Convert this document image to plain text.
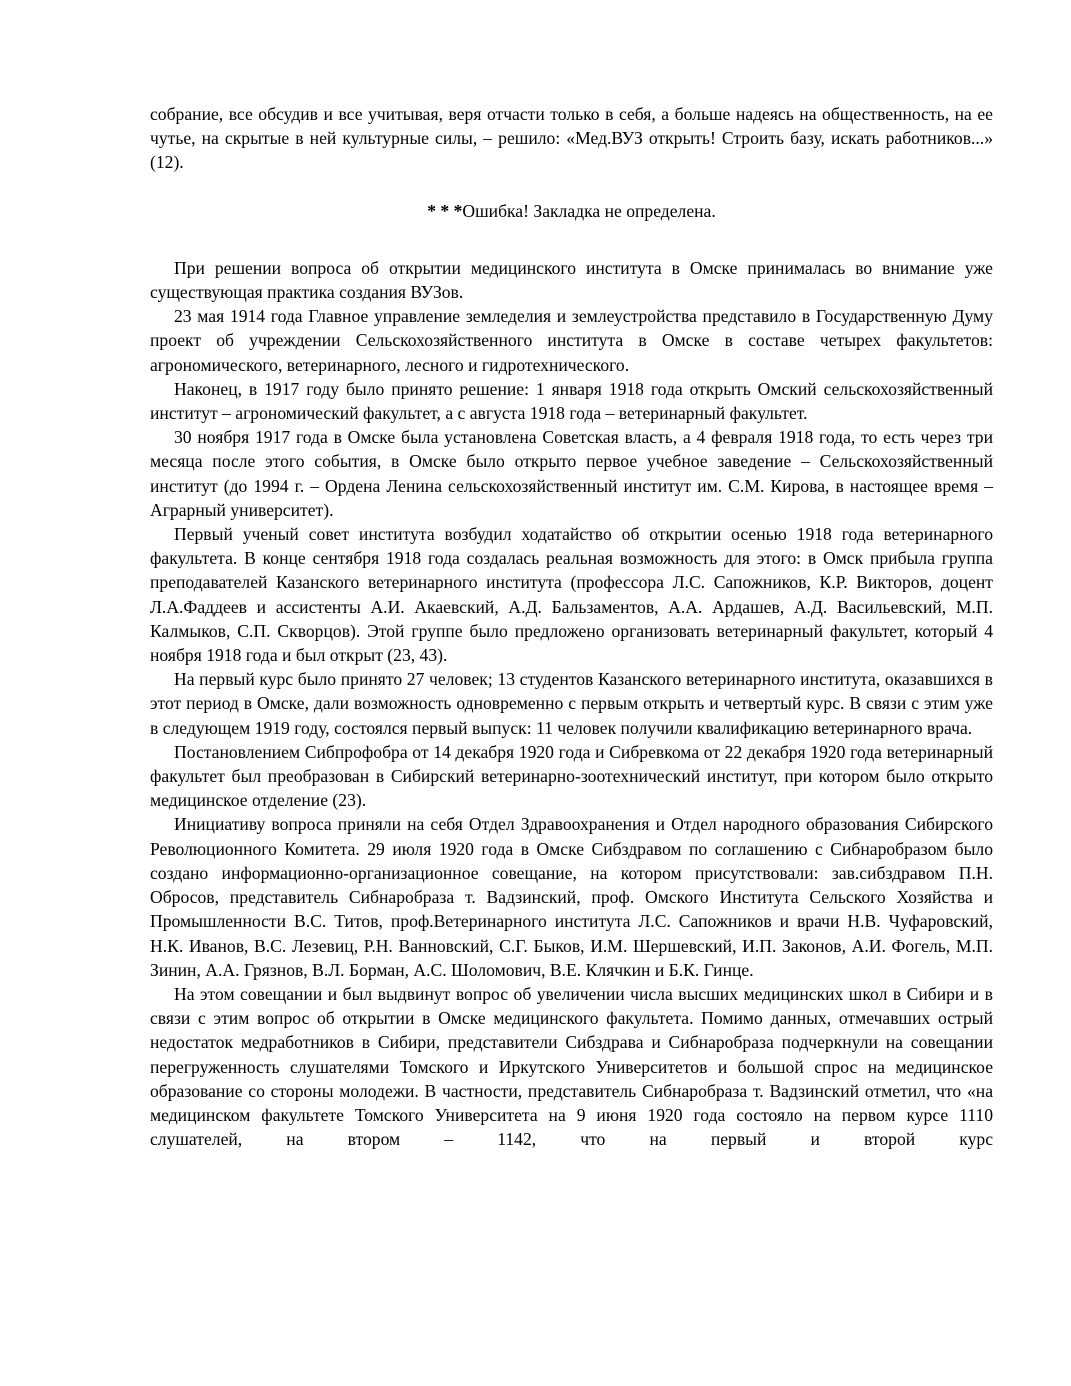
собрание, все обсудив и все учитывая, веря отчасти только в себя, а больше надеясь на общественность, на ее чутье, на скрытые в ней культурные силы, – решило: «Мед.ВУЗ открыть! Строить базу, искать работников...» (12).

* * *Ошибка! Закладка не определена.

При решении вопроса об открытии медицинского института в Омске принималась во внимание уже существующая практика создания ВУЗов.

23 мая 1914 года Главное управление земледелия и землеустройства представило в Государственную Думу проект об учреждении Сельскохозяйственного института в Омске в составе четырех факультетов: агрономического, ветеринарного, лесного и гидротехнического.

Наконец, в 1917 году было принято решение: 1 января 1918 года открыть Омский сельскохозяйственный институт – агрономический факультет, а с августа 1918 года – ветеринарный факультет.

30 ноября 1917 года в Омске была установлена Советская власть, а 4 февраля 1918 года, то есть через три месяца после этого события, в Омске было открыто первое учебное заведение – Сельскохозяйственный институт (до 1994 г. – Ордена Ленина сельскохозяйственный институт им. С.М. Кирова, в настоящее время – Аграрный университет).

Первый ученый совет института возбудил ходатайство об открытии осенью 1918 года ветеринарного факультета. В конце сентября 1918 года создалась реальная возможность для этого: в Омск прибыла группа преподавателей Казанского ветеринарного института (профессора Л.С. Сапожников, К.Р. Викторов, доцент Л.А.Фаддеев и ассистенты А.И. Акаевский, А.Д. Бальзаментов, А.А. Ардашев, А.Д. Васильевский, М.П. Калмыков, С.П. Скворцов). Этой группе было предложено организовать ветеринарный факультет, который 4 ноября 1918 года и был открыт (23, 43).

На первый курс было принято 27 человек; 13 студентов Казанского ветеринарного института, оказавшихся в этот период в Омске, дали возможность одновременно с первым открыть и четвертый курс. В связи с этим уже в следующем 1919 году, состоялся первый выпуск: 11 человек получили квалификацию ветеринарного врача.

Постановлением Сибпрофобра от 14 декабря 1920 года и Сибревкома от 22 декабря 1920 года ветеринарный факультет был преобразован в Сибирский ветеринарно-зоотехнический институт, при котором было открыто медицинское отделение (23).

Инициативу вопроса приняли на себя Отдел Здравоохранения и Отдел народного образования Сибирского Революционного Комитета. 29 июля 1920 года в Омске Сибздравом по соглашению с Сибнаробразом было создано информационно-организационное совещание, на котором присутствовали: зав.сибздравом П.Н. Обросов, представитель Сибнаробраза т. Вадзинский, проф. Омского Института Сельского Хозяйства и Промышленности В.С. Титов, проф.Ветеринарного института Л.С. Сапожников и врачи Н.В. Чуфаровский, Н.К. Иванов, В.С. Лезевиц, Р.Н. Ванновский, С.Г. Быков, И.М. Шершевский, И.П. Законов, А.И. Фогель, М.П. Зинин, А.А. Грязнов, В.Л. Борман, А.С. Шоломович, В.Е. Клячкин и Б.К. Гинце.

На этом совещании и был выдвинут вопрос об увеличении числа высших медицинских школ в Сибири и в связи с этим вопрос об открытии в Омске медицинского факультета. Помимо данных, отмечавших острый недостаток медработников в Сибири, представители Сибздрава и Сибнаробраза подчеркнули на совещании перегруженность слушателями Томского и Иркутского Университетов и большой спрос на медицинское образование со стороны молодежи. В частности, представитель Сибнаробраза т. Вадзинский отметил, что «на медицинском факультете Томского Университета на 9 июня 1920 года состояло на первом курсе 1110 слушателей, на втором – 1142, что на первый и второй курс
